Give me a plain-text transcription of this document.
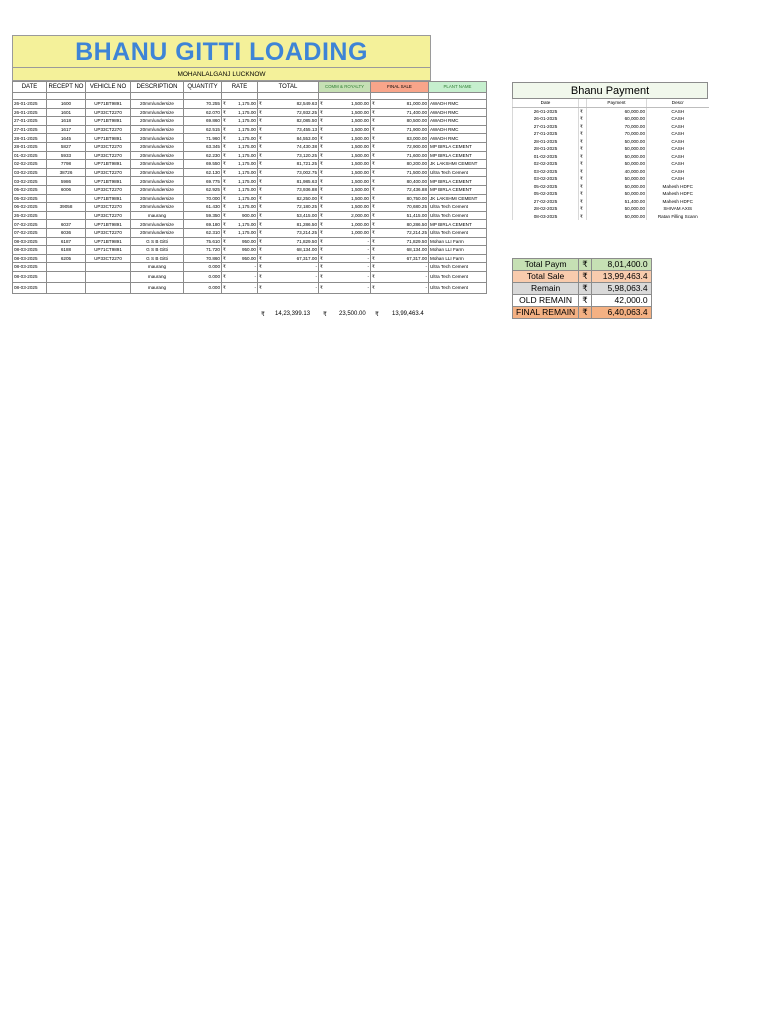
BHANU GITTI LOADING
MOHANLALGANJ LUCKNOW
DATE	RECEPT NO	VEHICLE NO	DESCRIPTION	QUANTITY	RATE	TOTAL	COMM & ROYALTY	FINAL SALE	PLANT NAME

26-01-2025	1600	UP71BT9891	20mm/undersize	70.255	₹ 1,175.00	₹ 82,549.63	₹ 1,500.00	₹ 81,000.00	AWADH RMC
26-01-2025	1601	UP33CT2270	20mm/undersize	62.070	₹ 1,175.00	₹ 72,932.25	₹ 1,500.00	₹ 71,400.00	AWADH RMC
27-01-2025	1618	UP71BT9891	20mm/undersize	69.860	₹ 1,175.00	₹ 82,085.50	₹ 1,500.00	₹ 80,500.00	AWADH RMC
27-01-2025	1617	UP33CT2270	20mm/undersize	62.515	₹ 1,175.00	₹ 73,455.13	₹ 1,500.00	₹ 71,900.00	AWADH RMC
28-01-2025	1645	UP71BT9891	20mm/undersize	71.960	₹ 1,175.00	₹ 84,553.00	₹ 1,500.00	₹ 83,000.00	AWADH RMC
28-01-2025	5827	UP33CT2270	20mm/undersize	63.345	₹ 1,175.00	₹ 74,430.38	₹ 1,500.00	₹ 72,900.00	MP BIRLA CEMENT
01-02-2025	5933	UP33CT2270	20mm/undersize	62.230	₹ 1,175.00	₹ 73,120.25	₹ 1,500.00	₹ 71,600.00	MP BIRLA CEMENT
02-02-2025	7798	UP71BT9891	20mm/undersize	69.550	₹ 1,175.00	₹ 81,721.25	₹ 1,500.00	₹ 80,200.00	JK LAKSHMI CEMENT
03-02-2025	38726	UP33CT2270	20mm/undersize	62.130	₹ 1,175.00	₹ 73,002.75	₹ 1,500.00	₹ 71,500.00	Ultra Tech Cement
03-02-2025	5986	UP71BT9891	20mm/undersize	69.775	₹ 1,175.00	₹ 81,985.63	₹ 1,500.00	₹ 80,400.00	MP BIRLA CEMENT
05-02-2025	6006	UP33CT2270	20mm/undersize	62.925	₹ 1,175.00	₹ 73,936.88	₹ 1,500.00	₹ 72,436.88	MP BIRLA CEMENT
05-02-2025		UP71BT9891	20mm/undersize	70.000	₹ 1,175.00	₹ 82,250.00	₹ 1,500.00	₹ 80,750.00	JK LAKSHMI CEMENT
06-02-2025	39058	UP33CT2270	20mm/undersize	61.430	₹ 1,175.00	₹ 72,180.25	₹ 1,500.00	₹ 70,680.25	Ultra Tech Cement
26-02-2025		UP33CT2270	maurang	59.350	₹ 900.00	₹ 53,415.00	₹ 2,000.00	₹ 51,415.00	Ultra Tech Cement
07-02-2025	6037	UP71BT9891	20mm/undersize	69.180	₹ 1,175.00	₹ 81,286.50	₹ 1,000.00	₹ 80,286.50	MP BIRLA CEMENT
07-02-2025	6036	UP33CT2270	20mm/undersize	62.310	₹ 1,175.00	₹ 73,214.25	₹ 1,000.00	₹ 72,214.25	Ultra Tech Cement
08-03-2025	6187	UP71BT9891	G S B Gitti	75.610	₹ 950.00	₹ 71,829.50	₹ -	₹ 71,829.50	Mohan LLI Farm
08-03-2025	6188	UP71CT9891	G S B Gitti	71.720	₹ 950.00	₹ 68,134.00	₹ -	₹ 68,134.00	Mohan LLI Farm
08-03-2025	6205	UP33CT2270	G S B Gitti	70.860	₹ 950.00	₹ 67,317.00	₹ -	₹ 67,317.00	Mohan LLI Farm
08-03-2025			maurang	0.000	₹ -	₹ -	₹ -	₹ -	Ultra Tech Cement
08-03-2025			maurang	0.000	₹ -	₹ -	₹ -	₹ -	Ultra Tech Cement
08-03-2025			maurang	0.000	₹ -	₹ -	₹ -	₹ -	Ultra Tech Cement
₹ 14,23,399.13 ₹ 23,500.00 ₹ 13,99,463.4
Bhanu Payment
Date		Payment	Descr
26-01-2025	₹	60,000.00	CASH
26-01-2025	₹	60,000.00	CASH
27-01-2025	₹	70,000.00	CASH
27-01-2025	₹	70,000.00	CASH
28-01-2025	₹	50,000.00	CASH
28-01-2025	₹	50,000.00	CASH
01-02-2025	₹	50,000.00	CASH
02-02-2025	₹	50,000.00	CASH
03-02-2025	₹	40,000.00	CASH
03-02-2025	₹	50,000.00	CASH
05-02-2025	₹	50,000.00	Mahesh HDFC
05-02-2025	₹	50,000.00	Mahesh HDFC
27-02-2025	₹	51,400.00	Mahesh HDFC
28-02-2025	₹	50,000.00	SHIVAM AXIS
08-03-2025	₹	50,000.00	Ratan Filling Scann
Total Paym	₹	8,01,400.0
Total Sale	₹	13,99,463.4
Remain	₹	5,98,063.4
OLD REMAIN	₹	42,000.0
FINAL REMAIN	₹	6,40,063.4
